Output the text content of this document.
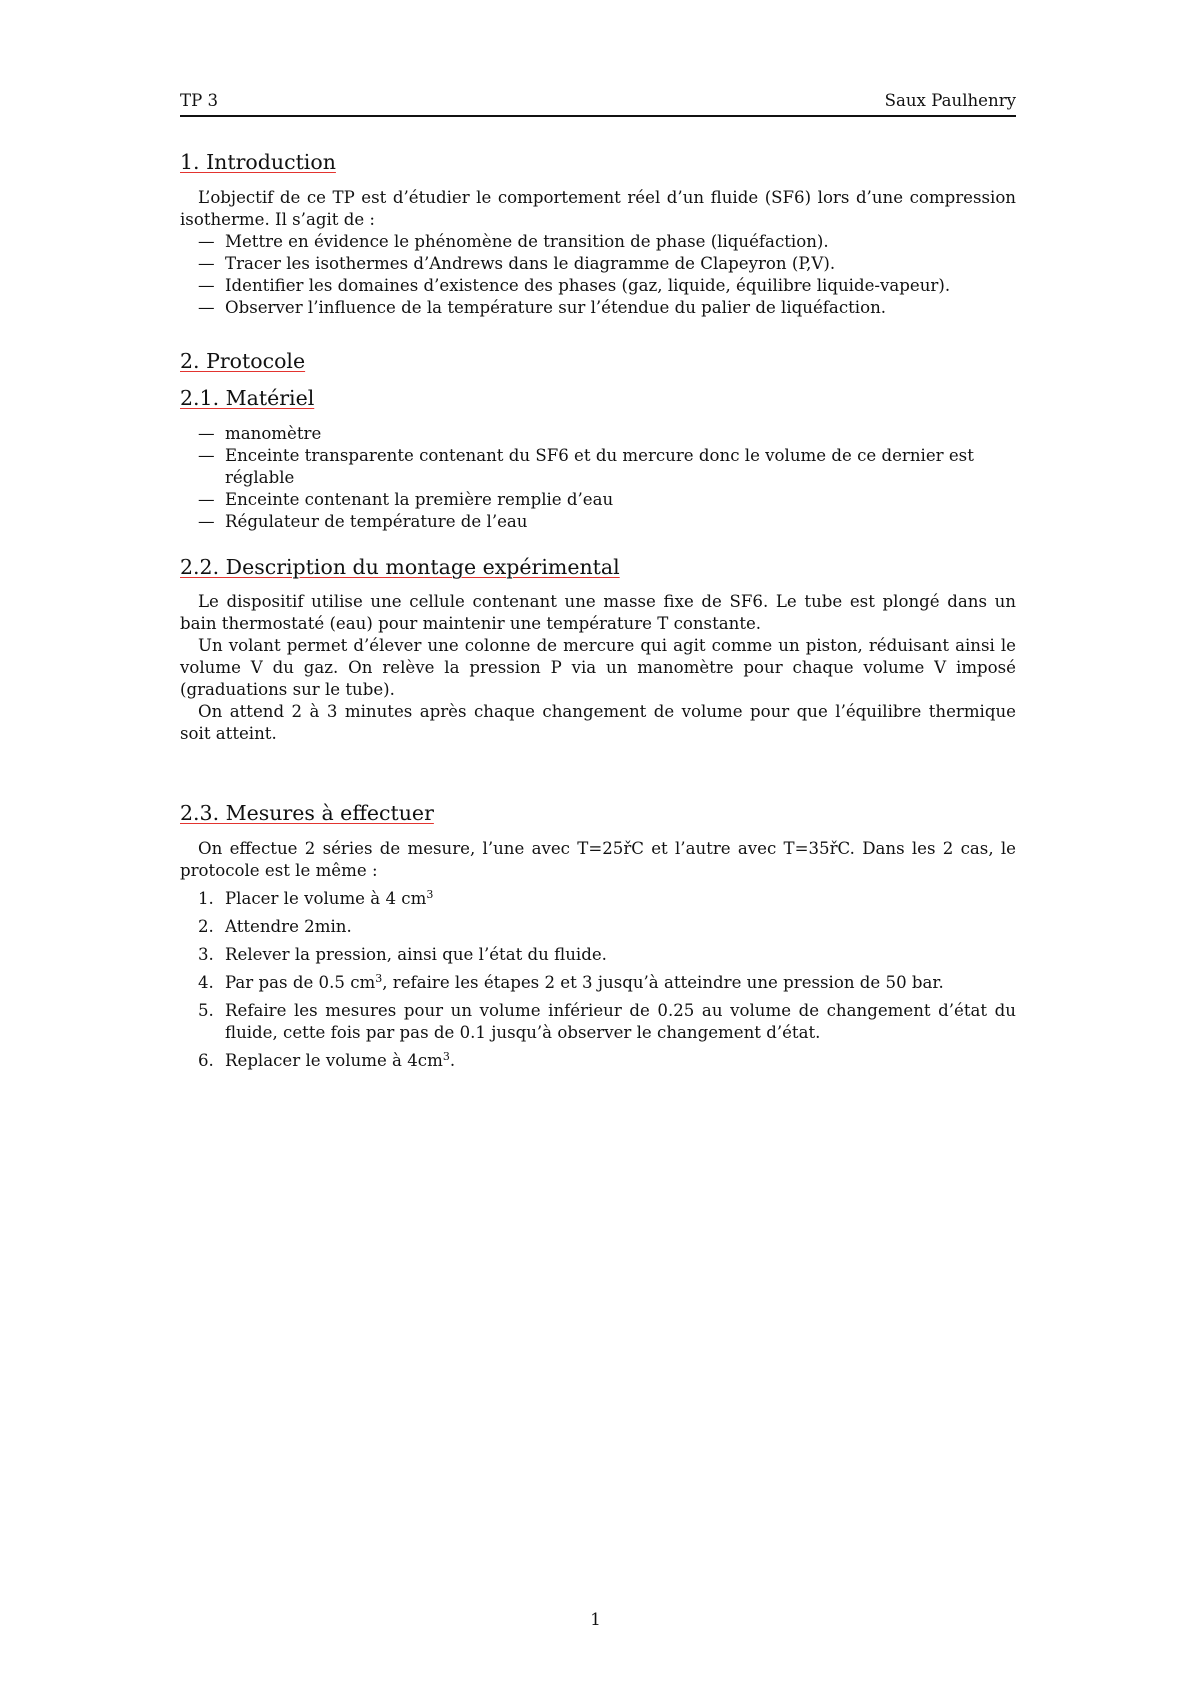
TP 3	Saux Paulhenry
1. Introduction

L’objectif de ce TP est d’étudier le comportement réel d’un fluide (SF6) lors d’une compression isotherme. Il s’agit de :

— Mettre en évidence le phénomène de transition de phase (liquéfaction).
— Tracer les isothermes d’Andrews dans le diagramme de Clapeyron (P,V).
— Identifier les domaines d’existence des phases (gaz, liquide, équilibre liquide-vapeur).
— Observer l’influence de la température sur l’étendue du palier de liquéfaction.
2. Protocole
2.1. Matériel
— manomètre
— Enceinte transparente contenant du SF6 et du mercure donc le volume de ce dernier est réglable
— Enceinte contenant la première remplie d’eau
— Régulateur de température de l’eau
2.2. Description du montage expérimental

Le dispositif utilise une cellule contenant une masse fixe de SF6. Le tube est plongé dans un bain thermostaté (eau) pour maintenir une température T constante.

Un volant permet d’élever une colonne de mercure qui agit comme un piston, réduisant ainsi le volume V du gaz. On relève la pression P via un manomètre pour chaque volume V imposé (graduations sur le tube).

On attend 2 à 3 minutes après chaque changement de volume pour que l’équilibre thermique soit atteint.

2.3. Mesures à effectuer

On effectue 2 séries de mesure, l’une avec T=25řC et l’autre avec T=35řC. Dans les 2 cas, le protocole est le même :

1. Placer le volume à 4 $cm^3$
2. Attendre 2min.
3. Relever la pression, ainsi que l’état du fluide.
4. Par pas de 0.5 $cm^3$, refaire les étapes 2 et 3 jusqu’à atteindre une pression de 50 bar.
5. Refaire les mesures pour un volume inférieur de 0.25 au volume de changement d’état du fluide, cette fois par pas de 0.1 jusqu’à observer le changement d’état.
6. Replacer le volume à $4cm^3$.
1
